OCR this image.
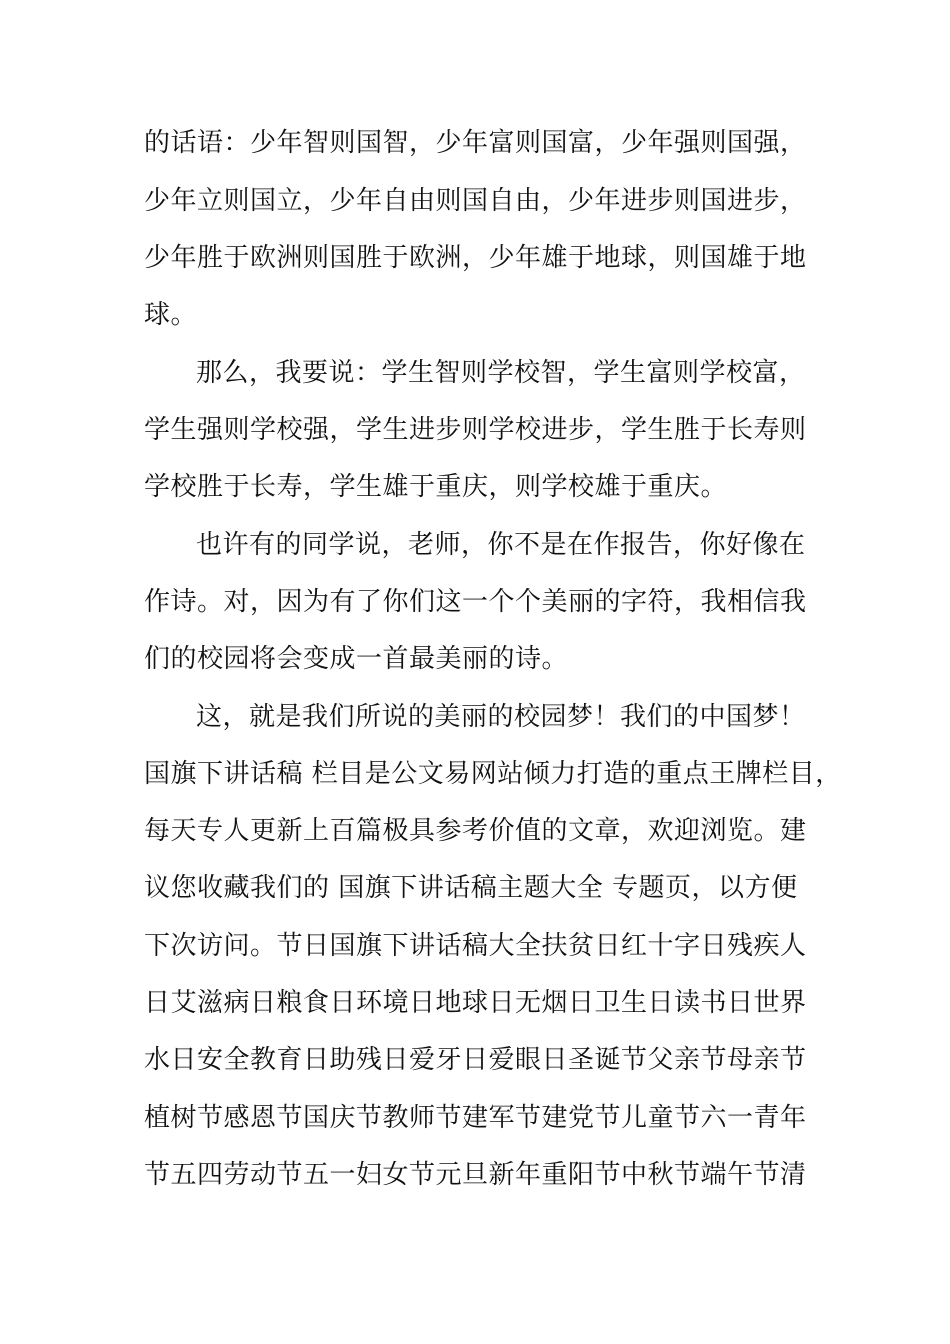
的话语：少年智则国智，少年富则国富，少年强则国强，
少年立则国立，少年自由则国自由，少年进步则国进步，
少年胜于欧洲则国胜于欧洲，少年雄于地球，则国雄于地
球。
那么，我要说：学生智则学校智，学生富则学校富，
学生强则学校强，学生进步则学校进步，学生胜于长寿则
学校胜于长寿，学生雄于重庆，则学校雄于重庆。
也许有的同学说，老师，你不是在作报告，你好像在
作诗。对，因为有了你们这一个个美丽的字符，我相信我
们的校园将会变成一首最美丽的诗。
这，就是我们所说的美丽的校园梦！我们的中国梦！
国旗下讲话稿 栏目是公文易网站倾力打造的重点王牌栏目，
每天专人更新上百篇极具参考价值的文章，欢迎浏览。建
议您收藏我们的 国旗下讲话稿主题大全 专题页，以方便
下次访问。节日国旗下讲话稿大全扶贫日红十字日残疾人
日艾滋病日粮食日环境日地球日无烟日卫生日读书日世界
水日安全教育日助残日爱牙日爱眼日圣诞节父亲节母亲节
植树节感恩节国庆节教师节建军节建党节儿童节六一青年
节五四劳动节五一妇女节元旦新年重阳节中秋节端午节清
